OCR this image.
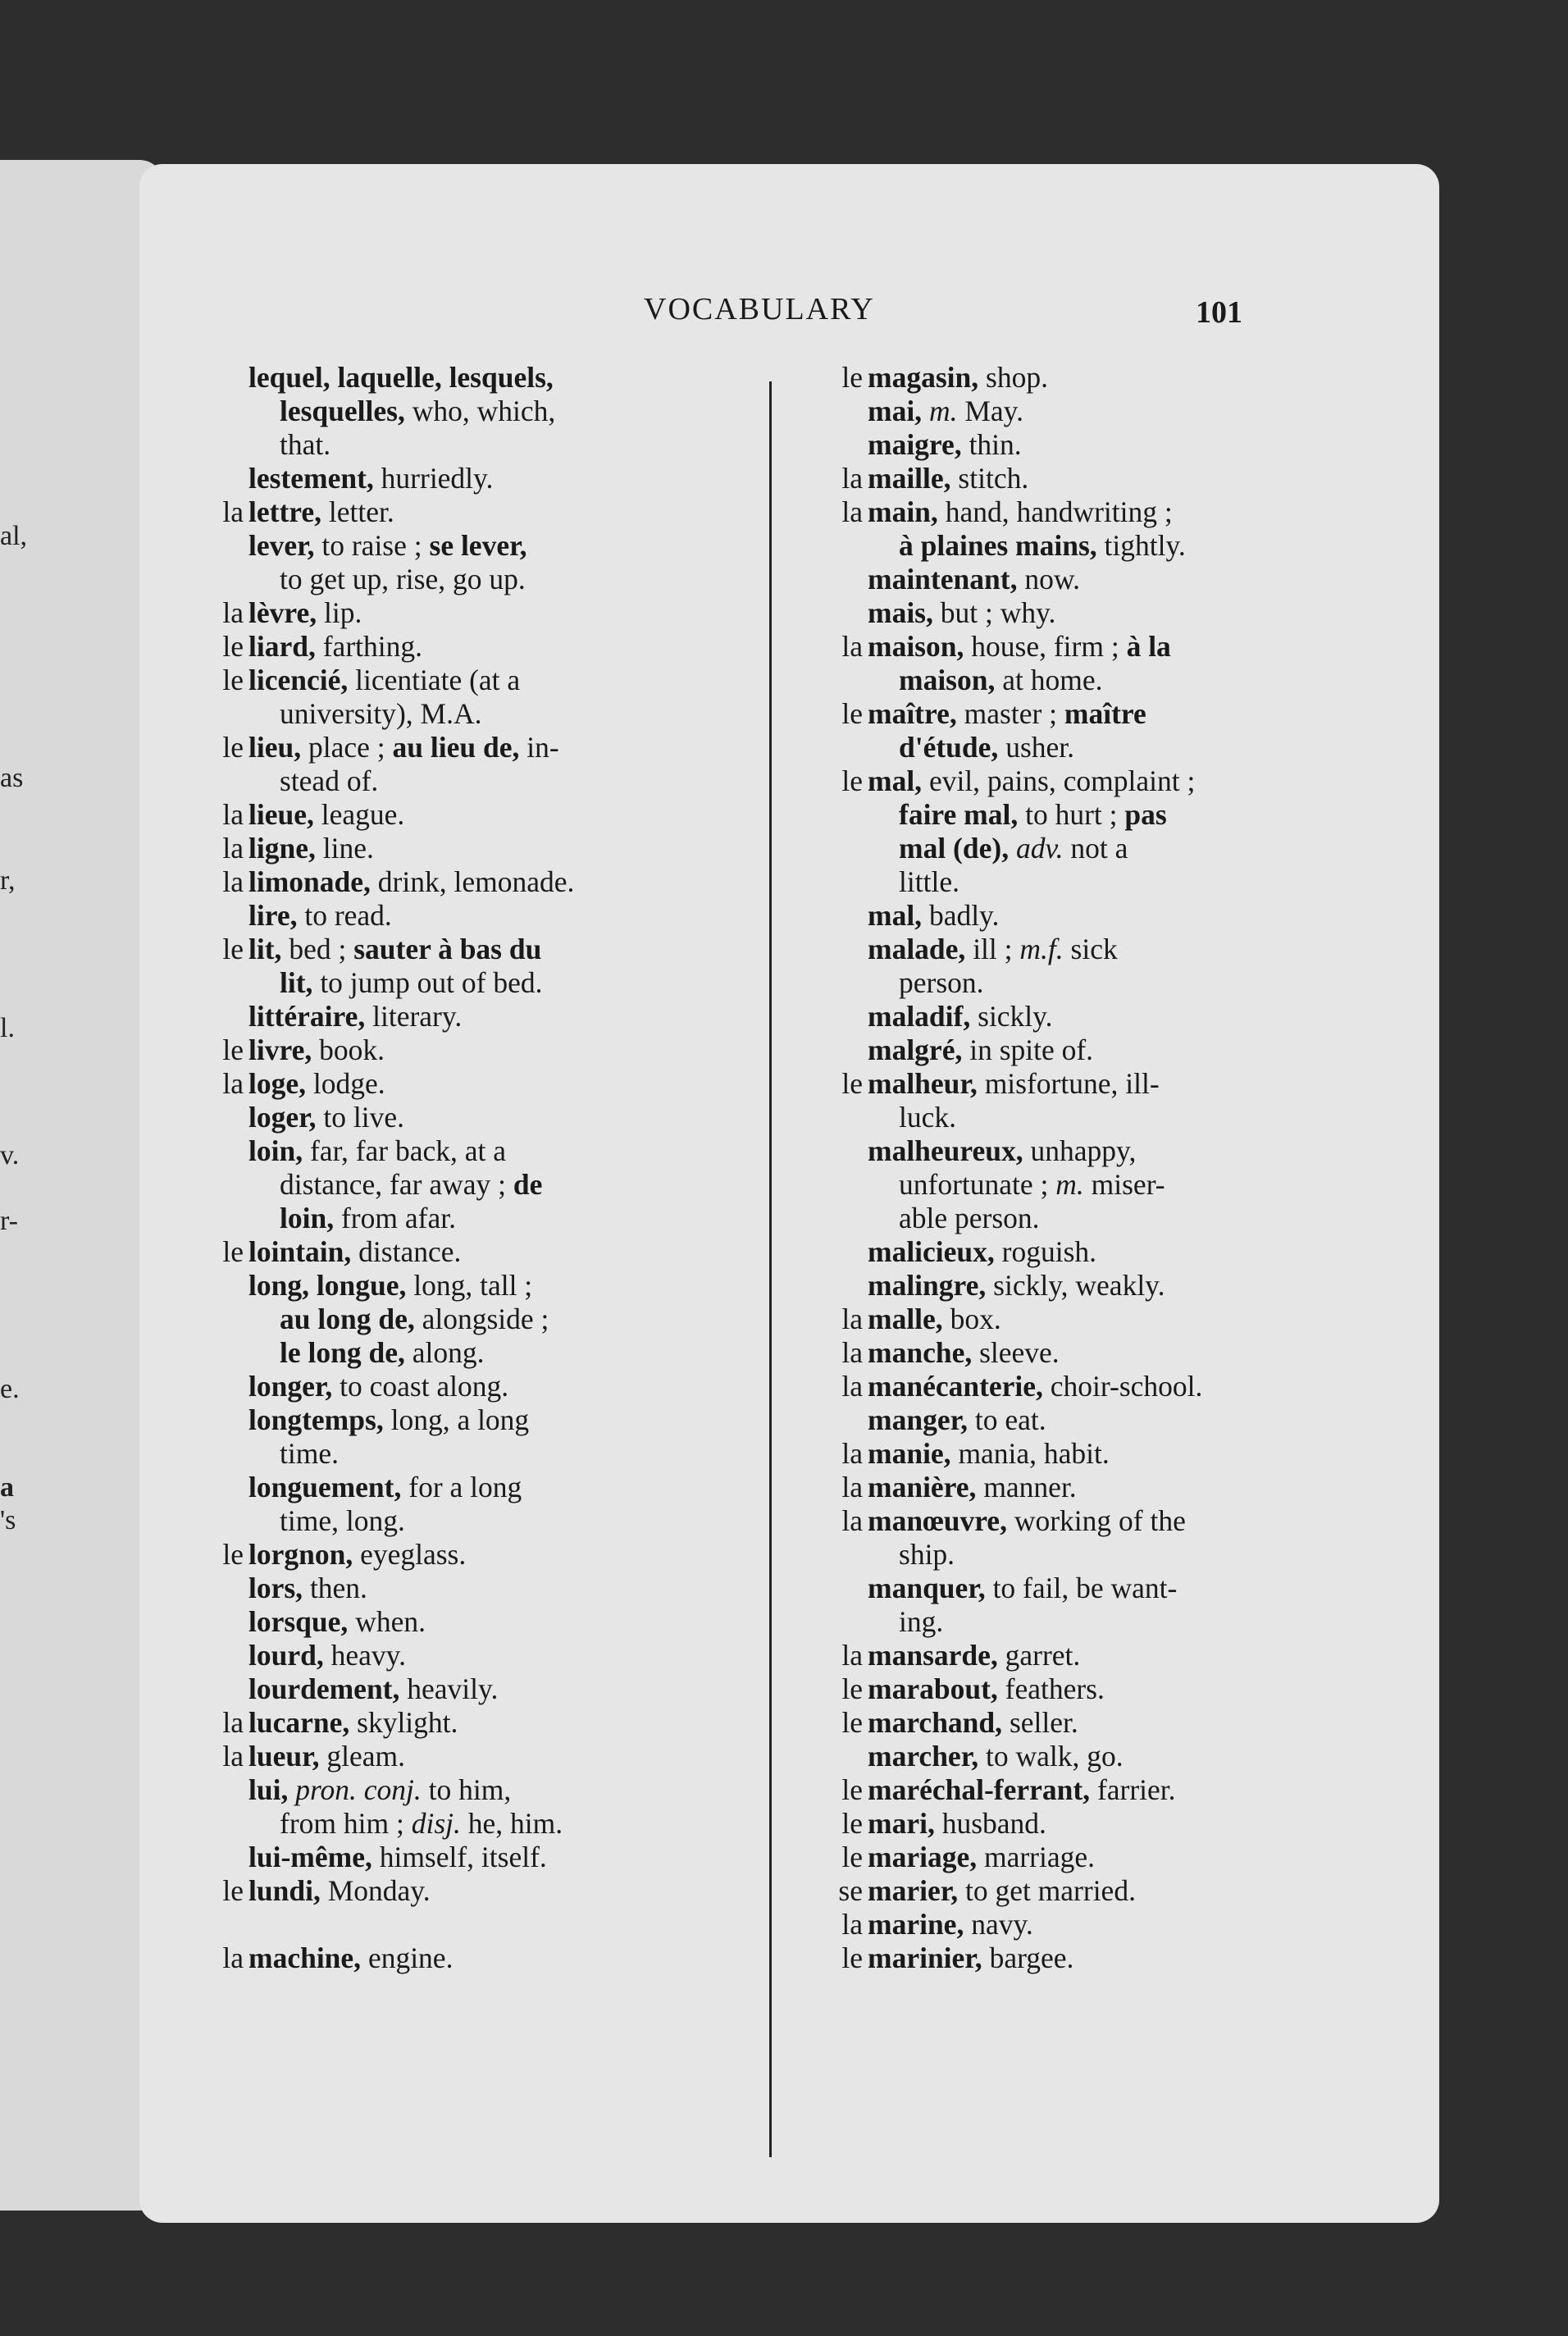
al,
as
r,
l.
v.
r-
e.
a
's
VOCABULARY	101
lequel, laquelle, lesquels,
lesquelles, who, which,
that.
lestement, hurriedly.
la lettre, letter.
lever, to raise ; se lever,
to get up, rise, go up.
la lèvre, lip.
le liard, farthing.
le licencié, licentiate (at a
university), M.A.
le lieu, place ; au lieu de, in-
stead of.
la lieue, league.
la ligne, line.
la limonade, drink, lemonade.
lire, to read.
le lit, bed ; sauter à bas du
lit, to jump out of bed.
littéraire, literary.
le livre, book.
la loge, lodge.
loger, to live.
loin, far, far back, at a
distance, far away ; de
loin, from afar.
le lointain, distance.
long, longue, long, tall ;
au long de, alongside ;
le long de, along.
longer, to coast along.
longtemps, long, a long
time.
longuement, for a long
time, long.
le lorgnon, eyeglass.
lors, then.
lorsque, when.
lourd, heavy.
lourdement, heavily.
la lucarne, skylight.
la lueur, gleam.
lui, pron. conj. to him,
from him ; disj. he, him.
lui-même, himself, itself.
le lundi, Monday.
la machine, engine.
le magasin, shop.
mai, m. May.
maigre, thin.
la maille, stitch.
la main, hand, handwriting ;
à plaines mains, tightly.
maintenant, now.
mais, but ; why.
la maison, house, firm ; à la
maison, at home.
le maître, master ; maître
d'étude, usher.
le mal, evil, pains, complaint ;
faire mal, to hurt ; pas
mal (de), adv. not a
little.
mal, badly.
malade, ill ; m.f. sick
person.
maladif, sickly.
malgré, in spite of.
le malheur, misfortune, ill-
luck.
malheureux, unhappy,
unfortunate ; m. miser-
able person.
malicieux, roguish.
malingre, sickly, weakly.
la malle, box.
la manche, sleeve.
la manécanterie, choir-school.
manger, to eat.
la manie, mania, habit.
la manière, manner.
la manœuvre, working of the
ship.
manquer, to fail, be want-
ing.
la mansarde, garret.
le marabout, feathers.
le marchand, seller.
marcher, to walk, go.
le maréchal-ferrant, farrier.
le mari, husband.
le mariage, marriage.
se marier, to get married.
la marine, navy.
le marinier, bargee.
